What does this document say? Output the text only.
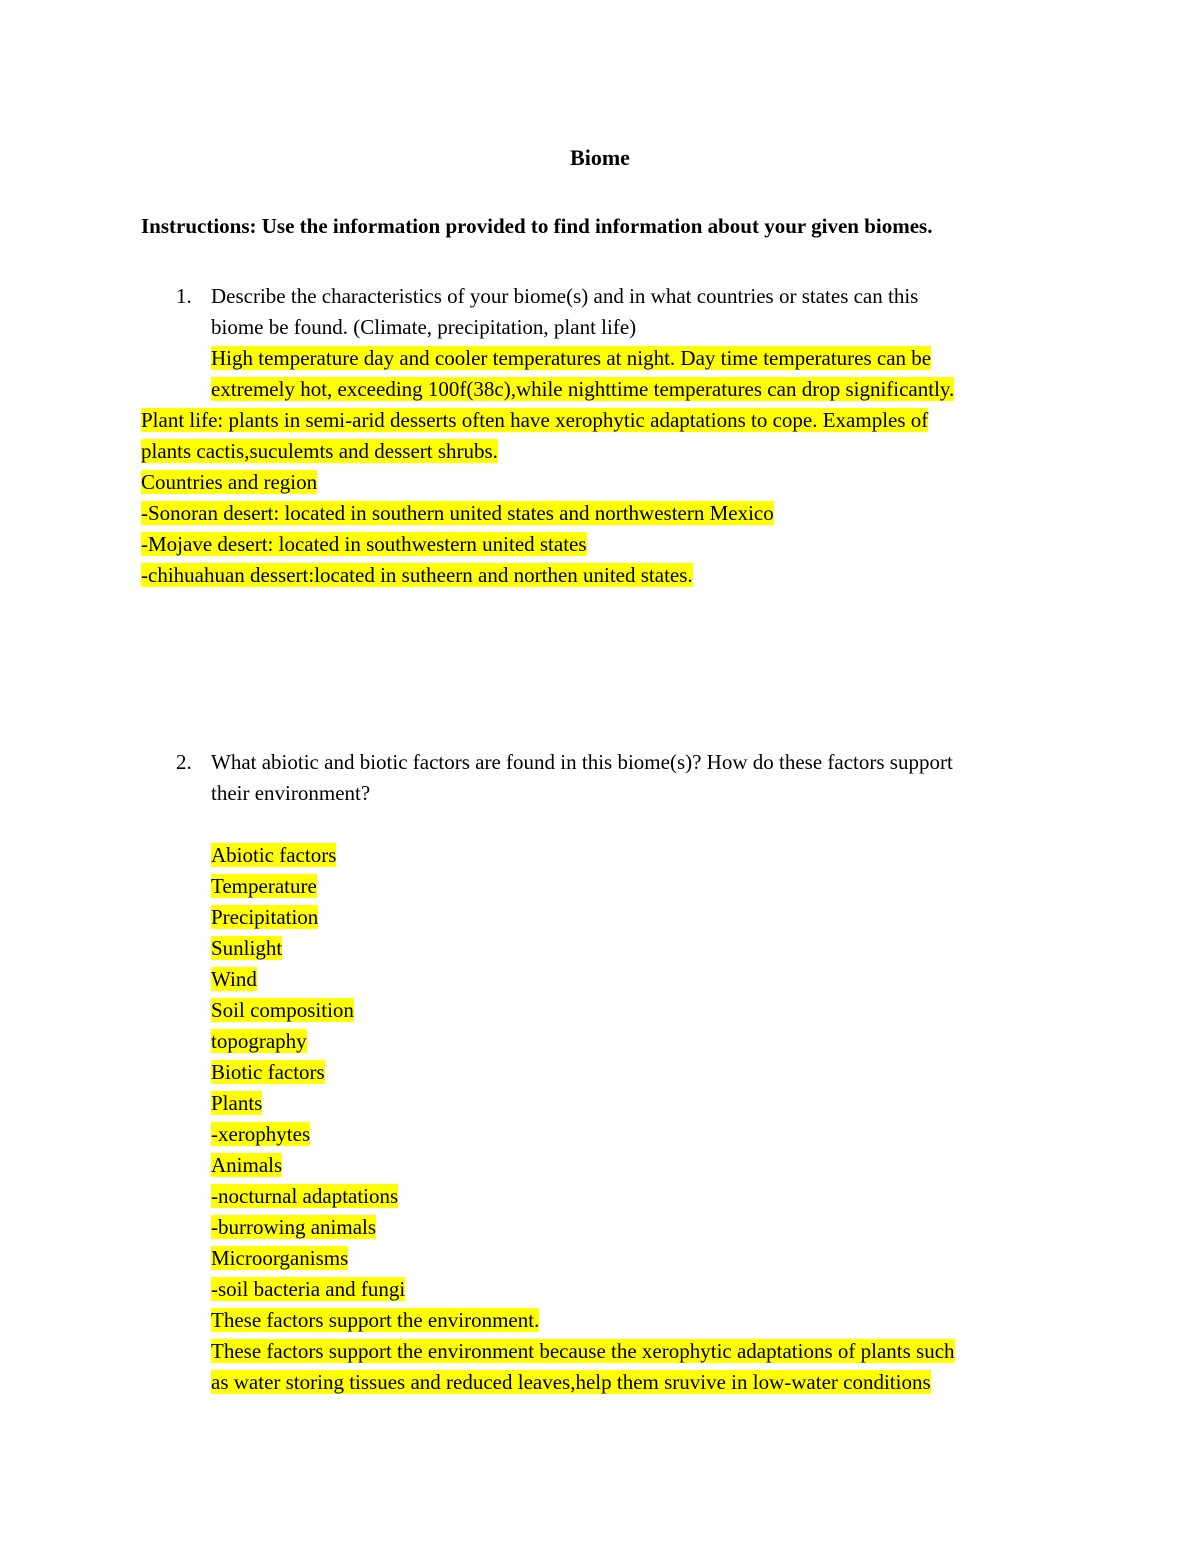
Biome
Instructions: Use the information provided to find information about your given biomes.
1. Describe the characteristics of your biome(s) and in what countries or states can this
biome be found. (Climate, precipitation, plant life)
High temperature day and cooler temperatures at night. Day time temperatures can be
extremely hot, exceeding 100f(38c),while nighttime temperatures can drop significantly.
Plant life: plants in semi-arid desserts often have xerophytic adaptations to cope. Examples of
plants cactis,suculemts and dessert shrubs.
Countries and region
-Sonoran desert: located in southern united states and northwestern Mexico
-Mojave desert: located in southwestern united states
-chihuahuan dessert:located in sutheern and northen united states.
2. What abiotic and biotic factors are found in this biome(s)? How do these factors support
their environment?
Abiotic factors
Temperature
Precipitation
Sunlight
Wind
Soil composition
topography
Biotic factors
Plants
-xerophytes
Animals
-nocturnal adaptations
-burrowing animals
Microorganisms
-soil bacteria and fungi
These factors support the environment.
These factors support the environment because the xerophytic adaptations of plants such
as water storing tissues and reduced leaves,help them sruvive in low-water conditions
